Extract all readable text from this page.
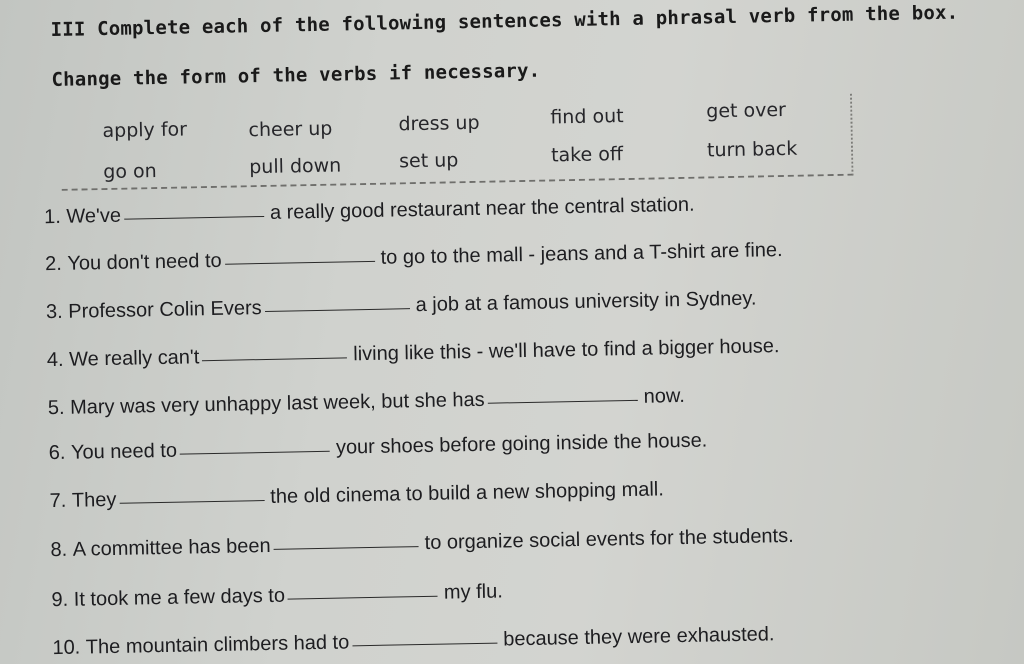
III Complete each of the following sentences with a phrasal verb from the box.
Change the form of the verbs if necessary.
apply for	cheer up	dress up	find out	get over
go on	pull down	set up	take off	turn back
1.
We've	a really good restaurant near the central station.
2.
You don't need to	to go to the mall - jeans and a T-shirt are fine.
3.
Professor Colin Evers	a job at a famous university in Sydney.
4.
We really can't	living like this - we'll have to find a bigger house.
5.
Mary was very unhappy last week, but she has	now.
6.
You need to	your shoes before going inside the house.
7.
They	the old cinema to build a new shopping mall.
8.
A committee has been	to organize social events for the students.
9.
It took me a few days to	my flu.
10.
The mountain climbers had to	because they were exhausted.
